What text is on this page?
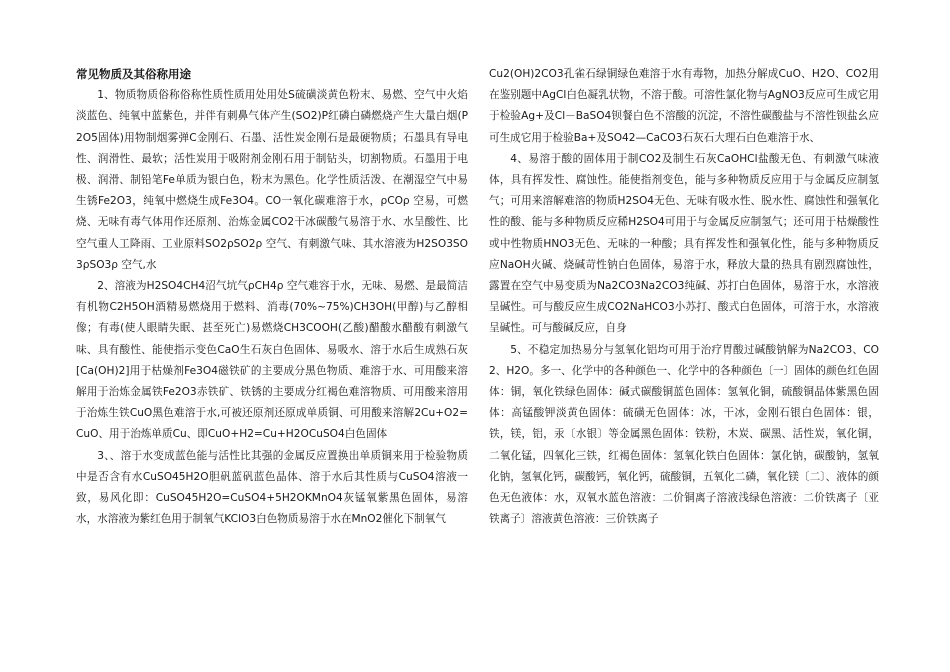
常见物质及其俗称用途

1、物质物质俗称俗称性质性质用处用处S硫磺淡黄色粉末、易燃、空气中火焰淡蓝色、纯氧中蓝紫色，并伴有刺鼻气体产生(SO2)P红磷白磷燃烧产生大量白烟(P2O5固体)用物制烟雾弹C金刚石、石墨、活性炭金刚石是最硬物质；石墨具有导电性、润滑性、最软；活性炭用于吸附剂金刚石用于制钻头，切割物质。石墨用于电极、润滑、制铅笔Fe单质为银白色，粉末为黑色。化学性质活泼、在潮湿空气中易生锈Fe2O3，纯氧中燃烧生成Fe3O4。CO一氧化碳难溶于水，ρCOρ 空易，可燃烧、无味有毒气体用作还原剂、治炼金属CO2干冰碳酸气易溶于水、水呈酸性、比空气重人工降雨、工业原料SO2ρSO2ρ 空气、有刺激气味、其水溶液为H2SO3SO3ρSO3ρ 空气,水

2、溶液为H2SO4CH4沼气坑气ρCH4ρ 空气难容于水，无味、易燃、是最简洁有机物C2H5OH酒精易燃烧用于燃料、消毒(70%~75%)CH3OH(甲醇)与乙醇相像；有毒(使人眼睛失眠、甚至死亡)易燃烧CH3COOH(乙酸)醋酸水醋酸有刺激气味、具有酸性、能使指示变色CaO生石灰白色固体、易吸水、溶于水后生成熟石灰[Ca(OH)2]用于枯燥剂Fe3O4磁铁矿的主要成分黑色物质、难溶于水、可用酸来溶解用于治炼金属铁Fe2O3赤铁矿、铁锈的主要成分红褐色难溶物质、可用酸来溶用于治炼生铁CuO黑色难溶于水,可被还原剂还原成单质铜、可用酸来溶解2Cu+O2=CuO、用于治炼单质Cu、即CuO+H2=Cu+H2OCuSO4白色固体

3、、溶于水变成蓝色能与活性比其强的金属反应置换出单质铜来用于检验物质中是否含有水CuSO45H2O胆矾蓝矾蓝色晶体、溶于水后其性质与CuSO4溶液一致，易风化即：CuSO45H2O=CuSO4+5H2OKMnO4灰锰氧紫黑色固体，易溶水，水溶液为紫红色用于制氧气KClO3白色物质易溶于水在MnO2催化下制氧气

Cu2(OH)2CO3孔雀石绿铜绿色难溶于水有毒物，加热分解成CuO、H2O、CO2用在鉴别题中AgCl白色凝乳状物，不溶于酸。可溶性氯化物与AgNO3反应可生成它用于检验Ag+及Cl－BaSO4钡餐白色不溶酸的沉淀，不溶性碳酸盐与不溶性钡盐幺应可生成它用于检验Ba+及SO42—CaCO3石灰石大理石白色难溶于水、

4、易溶于酸的固体用于制CO2及制生石灰CaOHCl盐酸无色、有刺激气味液体，具有挥发性、腐蚀性。能使指剂变色，能与多种物质反应用于与金属反应制氢气；可用来溶解难溶的物质H2SO4无色、无味有吸水性、脱水性、腐蚀性和强氧化性的酸、能与多种物质反应稀H2SO4可用于与金属反应制氢气；还可用于枯燥酸性或中性物质HNO3无色、无味的一种酸；具有挥发性和强氧化性，能与多种物质反应NaOH火碱、烧碱苛性钠白色固体，易溶于水，释放大量的热具有剧烈腐蚀性，露置在空气中易变质为Na2CO3Na2CO3纯碱、苏打白色固体，易溶于水，水溶液呈碱性。可与酸反应生成CO2NaHCO3小苏打、酸式白色固体，可溶于水，水溶液呈碱性。可与酸碱反应，自身

5、不稳定加热易分与氢氧化铝均可用于治疗胃酸过碱酸钠解为Na2CO3、CO2、H2O。多一、化学中的各种颜色一、化学中的各种颜色〔一〕固体的颜色红色固体：铜，氧化铁绿色固体：碱式碳酸铜蓝色固体：氢氧化铜，硫酸铜晶体紫黑色固体：高锰酸钾淡黄色固体：硫磺无色固体：冰，干冰，金刚石银白色固体：银，铁，镁，铝，汞〔水银〕等金属黑色固体：铁粉，木炭、碳黑、活性炭，氧化铜，二氧化锰，四氧化三铁，红褐色固体：氢氧化铁白色固体：氯化钠，碳酸钠，氢氧化钠，氢氧化钙，碳酸钙，氧化钙，硫酸铜，五氧化二磷，氧化镁〔二〕、液体的颜色无色液体：水，双氧水蓝色溶液：二价铜离子溶液浅绿色溶液：二价铁离子〔亚铁离子〕溶液黄色溶液：三价铁离子
